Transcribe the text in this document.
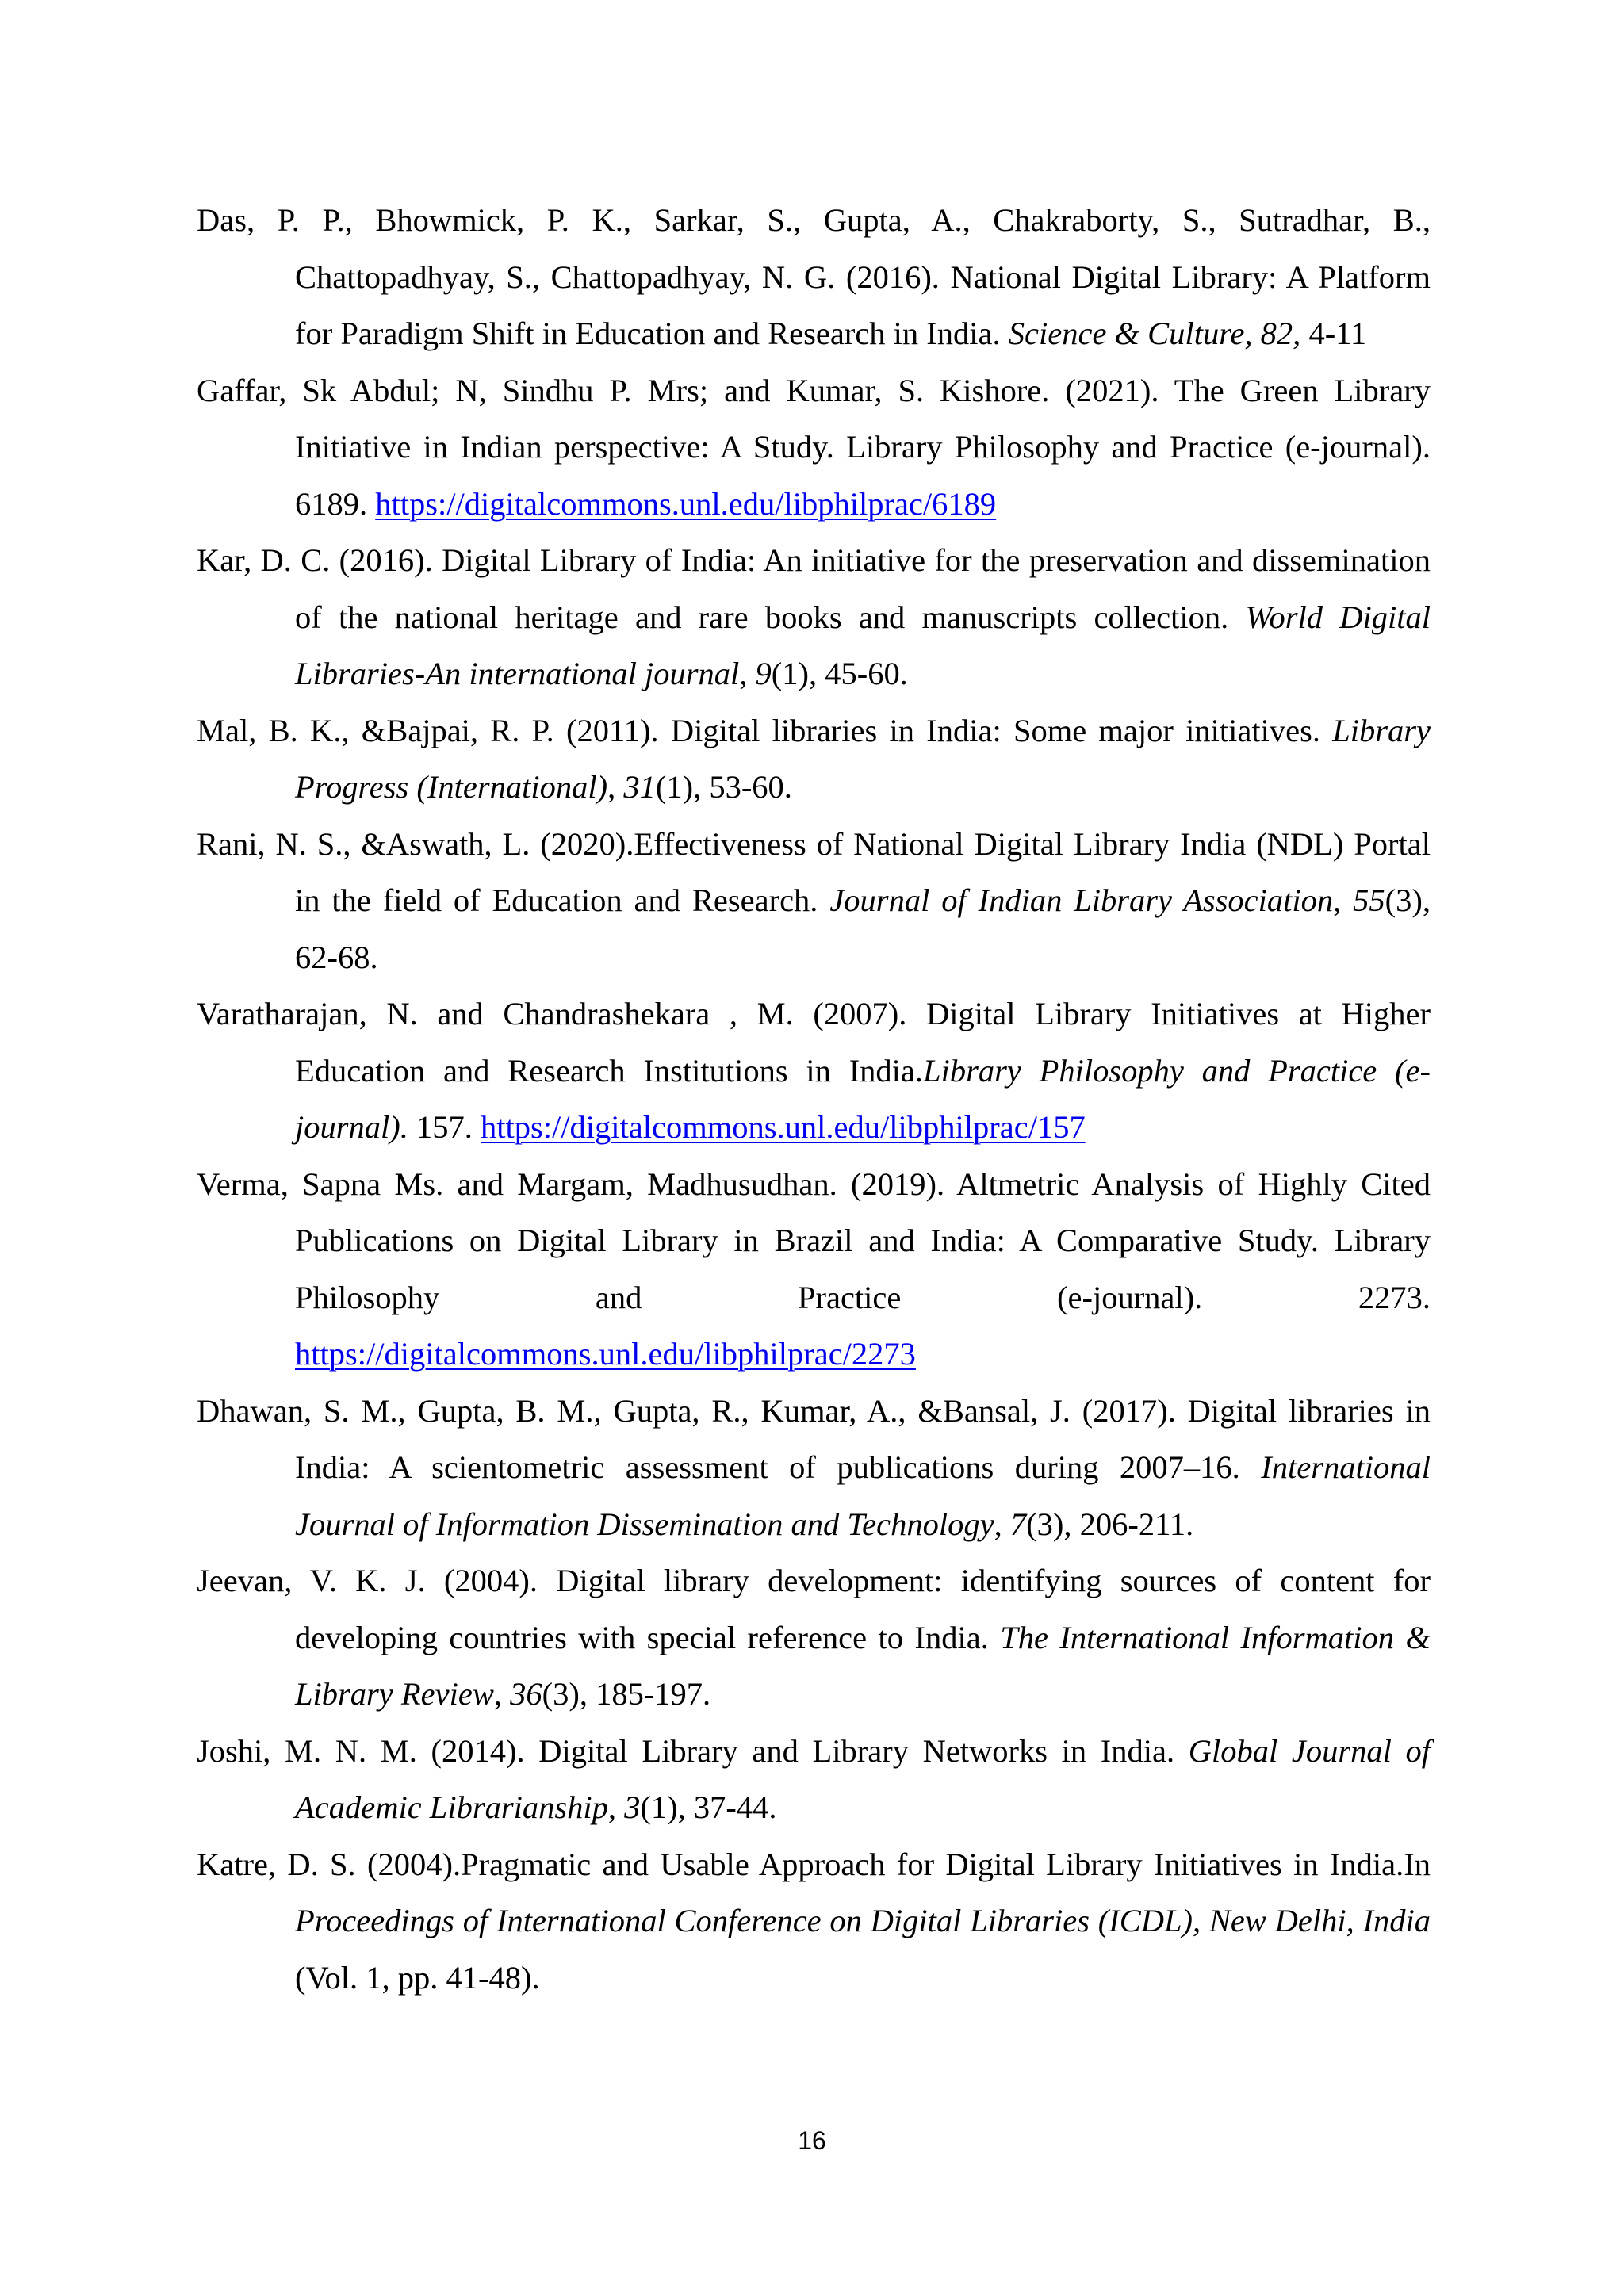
Das, P. P., Bhowmick, P. K., Sarkar, S., Gupta, A., Chakraborty, S., Sutradhar, B., Chattopadhyay, S., Chattopadhyay, N. G. (2016). National Digital Library: A Platform for Paradigm Shift in Education and Research in India. Science & Culture, 82, 4-11

Gaffar, Sk Abdul; N, Sindhu P. Mrs; and Kumar, S. Kishore. (2021). The Green Library Initiative in Indian perspective: A Study. Library Philosophy and Practice (e-journal). 6189. https://digitalcommons.unl.edu/libphilprac/6189

Kar, D. C. (2016). Digital Library of India: An initiative for the preservation and dissemination of the national heritage and rare books and manuscripts collection. World Digital Libraries-An international journal, 9(1), 45-60.

Mal, B. K., &Bajpai, R. P. (2011). Digital libraries in India: Some major initiatives. Library Progress (International), 31(1), 53-60.

Rani, N. S., &Aswath, L. (2020).Effectiveness of National Digital Library India (NDL) Portal in the field of Education and Research. Journal of Indian Library Association, 55(3), 62-68.

Varatharajan, N. and Chandrashekara , M. (2007). Digital Library Initiatives at Higher Education and Research Institutions in India.Library Philosophy and Practice (e-journal). 157. https://digitalcommons.unl.edu/libphilprac/157

Verma, Sapna Ms. and Margam, Madhusudhan. (2019). Altmetric Analysis of Highly Cited Publications on Digital Library in Brazil and India: A Comparative Study. Library Philosophy and Practice (e-journal). 2273. https://digitalcommons.unl.edu/libphilprac/2273

Dhawan, S. M., Gupta, B. M., Gupta, R., Kumar, A., &Bansal, J. (2017). Digital libraries in India: A scientometric assessment of publications during 2007–16. International Journal of Information Dissemination and Technology, 7(3), 206-211.

Jeevan, V. K. J. (2004). Digital library development: identifying sources of content for developing countries with special reference to India. The International Information & Library Review, 36(3), 185-197.

Joshi, M. N. M. (2014). Digital Library and Library Networks in India. Global Journal of Academic Librarianship, 3(1), 37-44.

Katre, D. S. (2004).Pragmatic and Usable Approach for Digital Library Initiatives in India.In Proceedings of International Conference on Digital Libraries (ICDL), New Delhi, India (Vol. 1, pp. 41-48).

16
